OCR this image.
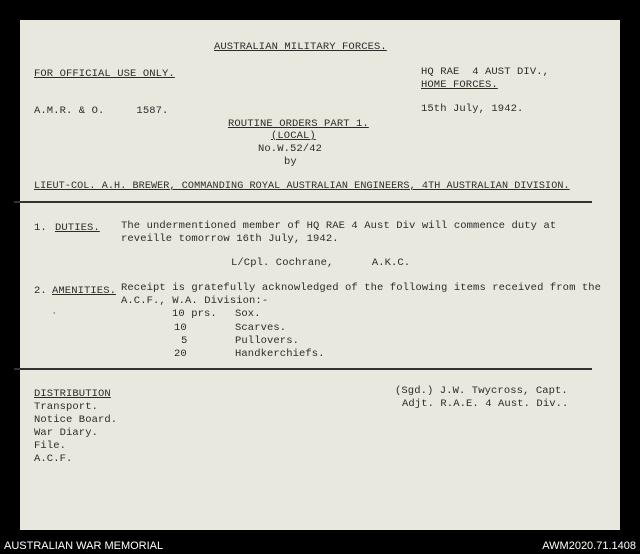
AUSTRALIAN MILITARY FORCES.
FOR OFFICIAL USE ONLY.	HQ RAE  4 AUST DIV.,
HOME FORCES.
A.M.R. & O.     1587.	15th July, 1942.
ROUTINE ORDERS PART 1.
(LOCAL)
No.W.52/42
by
LIEUT-COL. A.H. BREWER, COMMANDING ROYAL AUSTRALIAN ENGINEERS, 4TH AUSTRALIAN DIVISION.
1. DUTIES. The undermentioned member of HQ RAE 4 Aust Div will commence duty at
reveille tomorrow 16th July, 1942.
L/Cpl. Cochrane,      A.K.C.
2. AMENITIES. Receipt is gratefully acknowledged of the following items received from the
A.C.F., W.A. Division:-
ʿ	10 prs. Sox.
10	Scarves.
5	Pullovers.
20	Handkerchiefs.
DISTRIBUTION
Transport.
Notice Board.
War Diary.
File.
A.C.F.
(Sgd.) J.W. Twycross, Capt.
Adjt. R.A.E. 4 Aust. Div..
AUSTRALIAN WAR MEMORIAL	AWM2020.71.1408
